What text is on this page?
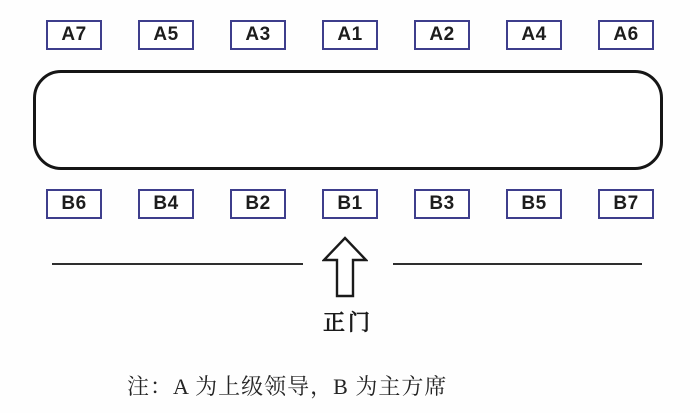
A7	A5	A3	A1	A2	A4	A6
B6	B4	B2	B1	B3	B5	B7
正门
注：A 为上级领导，B 为主方席
